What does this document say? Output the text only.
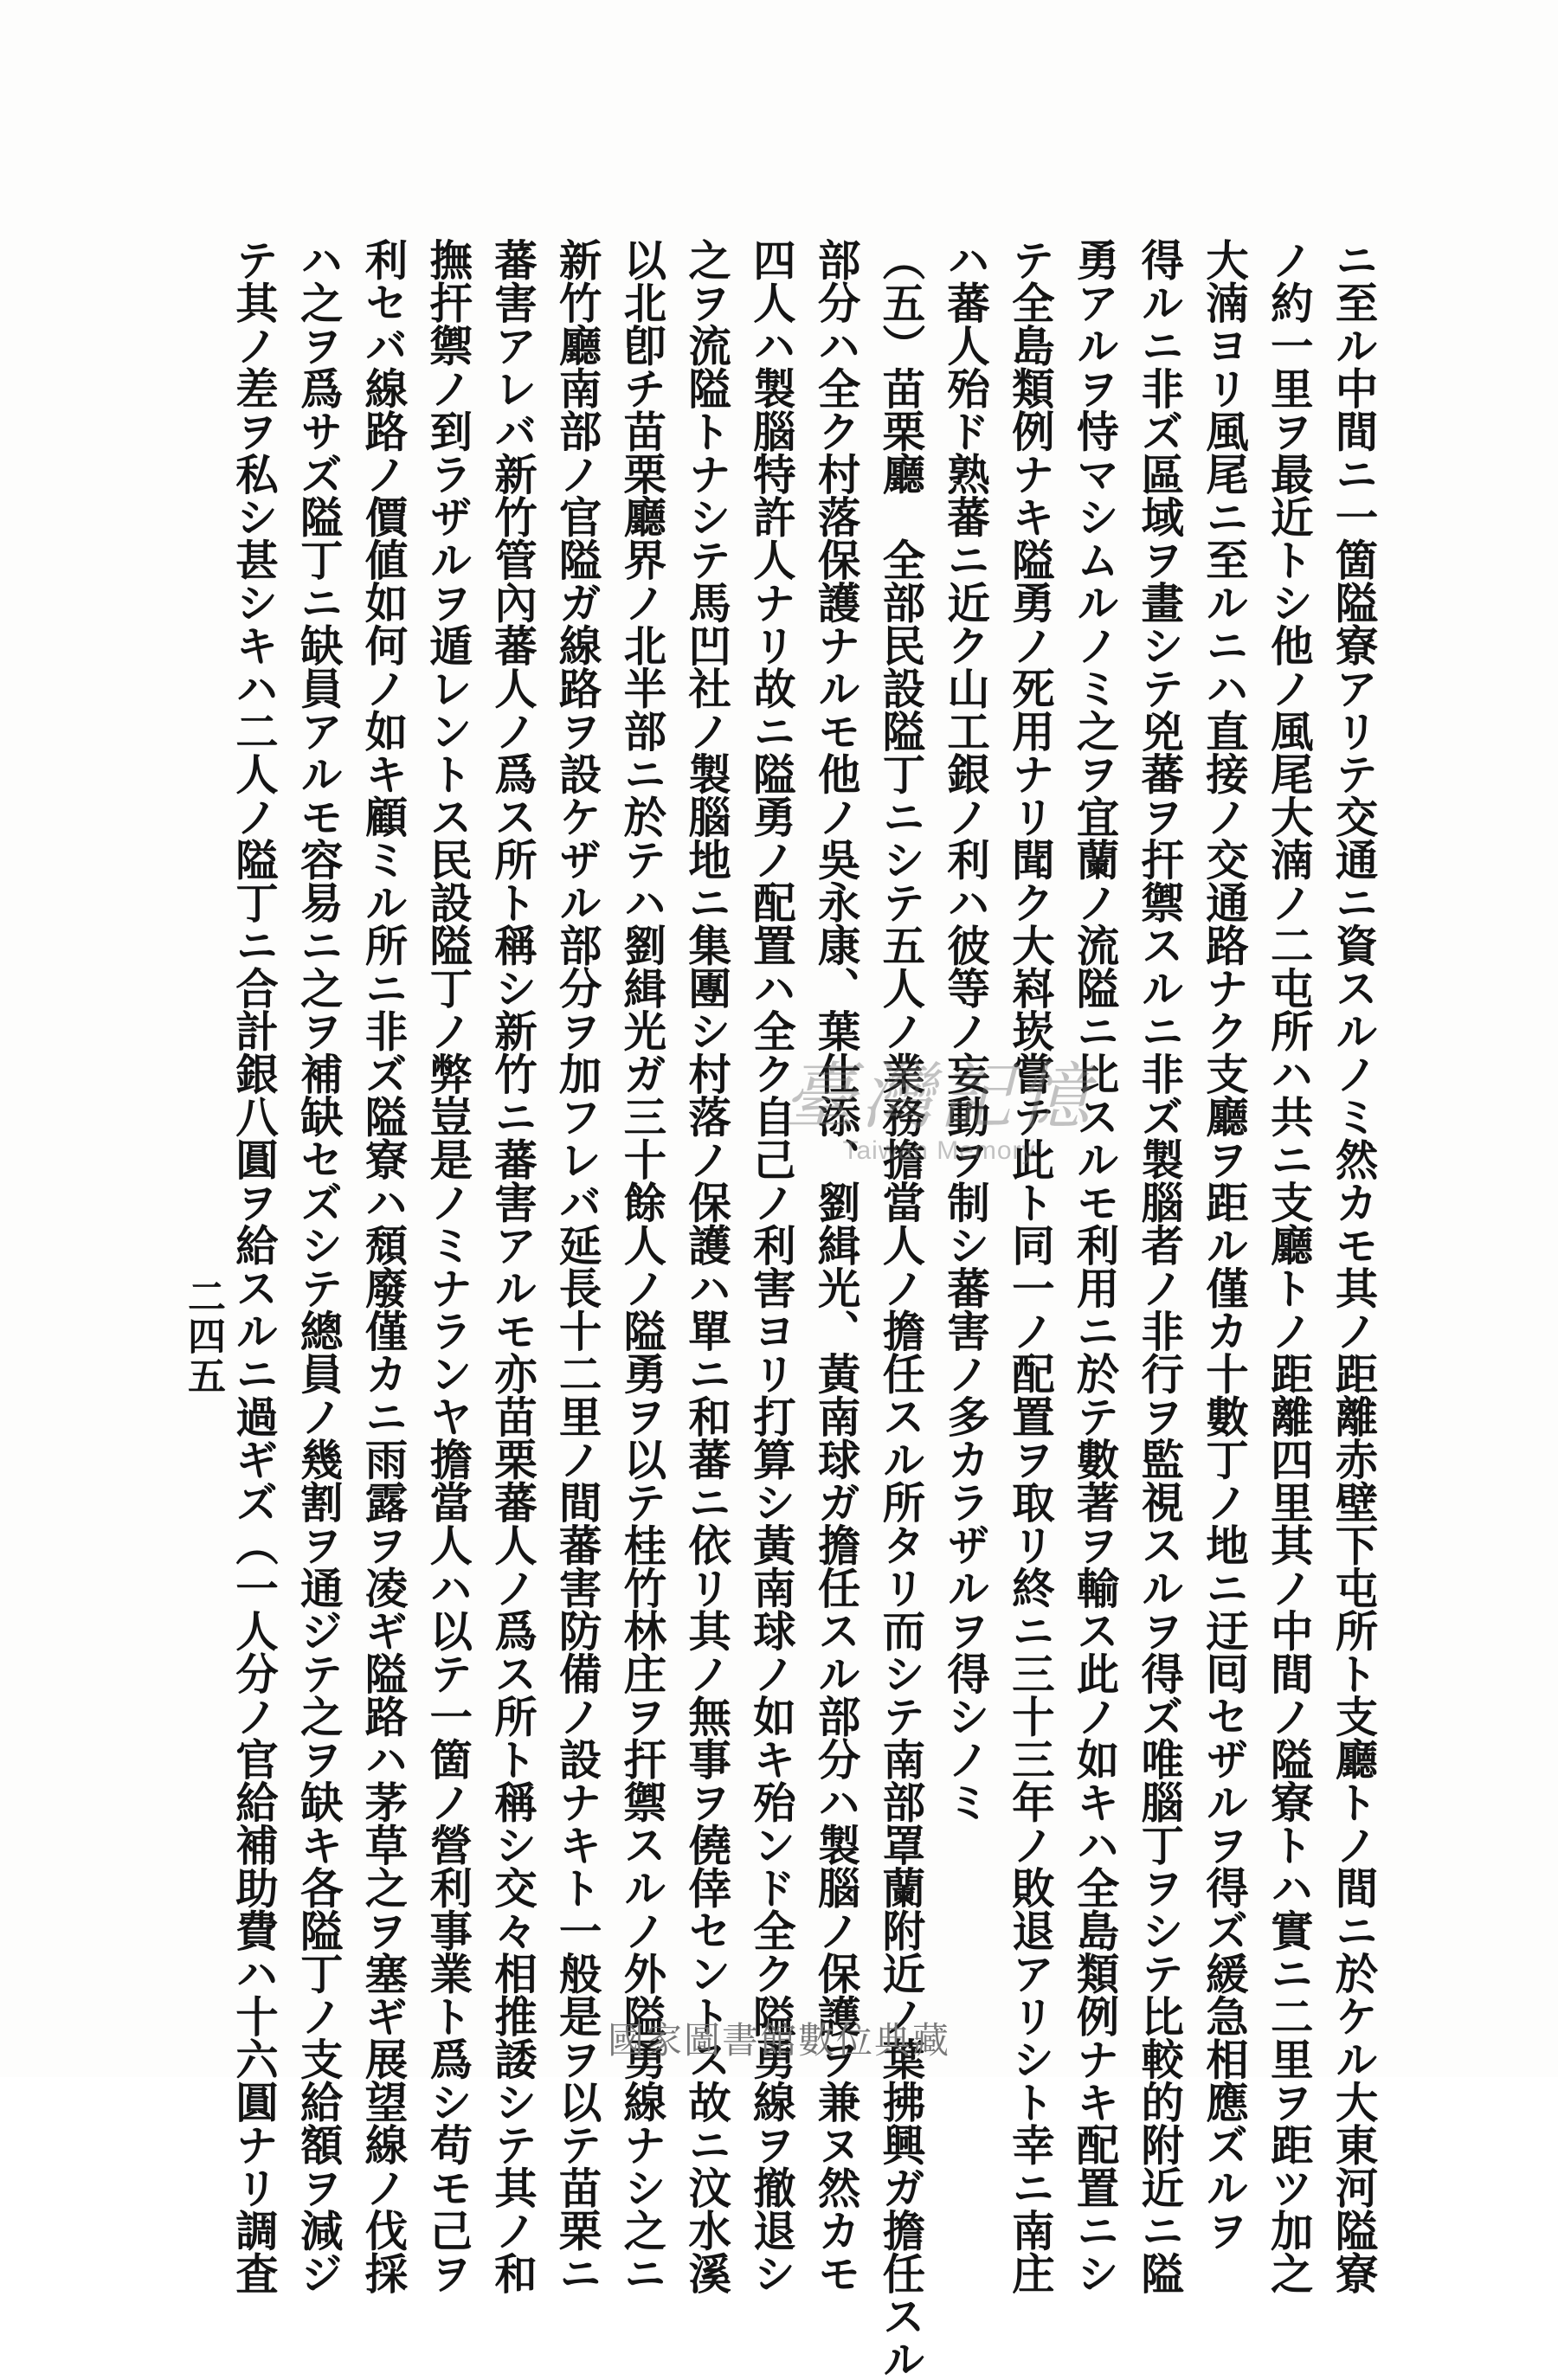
ニ至ル中間ニ一箇隘寮アリテ交通ニ資スルノミ然カモ其ノ距離赤壁下屯所ト支廳トノ間ニ於ケル大東河隘寮
ノ約一里ヲ最近トシ他ノ風尾大湳ノ二屯所ハ共ニ支廳トノ距離四里其ノ中間ノ隘寮トハ實ニ二里ヲ距ツ加之
大湳ヨリ風尾ニ至ルニハ直接ノ交通路ナク支廳ヲ距ル僅カ十數丁ノ地ニ迂囘セザルヲ得ズ緩急相應ズルヲ
得ルニ非ズ區域ヲ畫シテ兇蕃ヲ扞禦スルニ非ズ製腦者ノ非行ヲ監視スルヲ得ズ唯腦丁ヲシテ比較的附近ニ隘
勇アルヲ恃マシムルノミ之ヲ宜蘭ノ流隘ニ比スルモ利用ニ於テ數著ヲ輸ス此ノ如キハ全島類例ナキ配置ニシ
テ全島類例ナキ隘勇ノ死用ナリ聞ク大嵙崁嘗テ此ト同一ノ配置ヲ取リ終ニ三十三年ノ敗退アリシト幸ニ南庄
ハ蕃人殆ド熟蕃ニ近ク山工銀ノ利ハ彼等ノ妄動ヲ制シ蕃害ノ多カラザルヲ得シノミ
（五）苗栗廳　全部民設隘丁ニシテ五人ノ業務擔當人ノ擔任スル所タリ而シテ南部罩蘭附近ノ葉拂興ガ擔任スル
部分ハ全ク村落保護ナルモ他ノ吳永康、葉仕添、劉緝光、黃南球ガ擔任スル部分ハ製腦ノ保護ヲ兼ヌ然カモ
四人ハ製腦特許人ナリ故ニ隘勇ノ配置ハ全ク自己ノ利害ヨリ打算シ黃南球ノ如キ殆ンド全ク隘勇線ヲ撤退シ
之ヲ流隘トナシテ馬凹社ノ製腦地ニ集團シ村落ノ保護ハ單ニ和蕃ニ依リ其ノ無事ヲ僥倖セントス故ニ汶水溪
以北卽チ苗栗廳界ノ北半部ニ於テハ劉緝光ガ三十餘人ノ隘勇ヲ以テ桂竹林庄ヲ扞禦スルノ外隘勇線ナシ之ニ
新竹廳南部ノ官隘ガ線路ヲ設ケザル部分ヲ加フレバ延長十二里ノ間蕃害防備ノ設ナキト一般是ヲ以テ苗栗ニ
蕃害アレバ新竹管內蕃人ノ爲ス所ト稱シ新竹ニ蕃害アルモ亦苗栗蕃人ノ爲ス所ト稱シ交々相推諉シテ其ノ和
撫扞禦ノ到ラザルヲ遁レントス民設隘丁ノ弊豈是ノミナランヤ擔當人ハ以テ一箇ノ營利事業ト爲シ苟モ己ヲ
利セバ線路ノ價値如何ノ如キ顧ミル所ニ非ズ隘寮ハ頹廢僅カニ雨露ヲ凌ギ隘路ハ茅草之ヲ塞ギ展望線ノ伐採
ハ之ヲ爲サズ隘丁ニ缺員アルモ容易ニ之ヲ補缺セズシテ總員ノ幾割ヲ通ジテ之ヲ缺キ各隘丁ノ支給額ヲ減ジ
テ其ノ差ヲ私シ甚シキハ二人ノ隘丁ニ合計銀八圓ヲ給スルニ過ギズ（一人分ノ官給補助費ハ十六圓ナリ調査
二四五
臺灣記憶
Taiwan Memory
國家圖書館數位典藏
